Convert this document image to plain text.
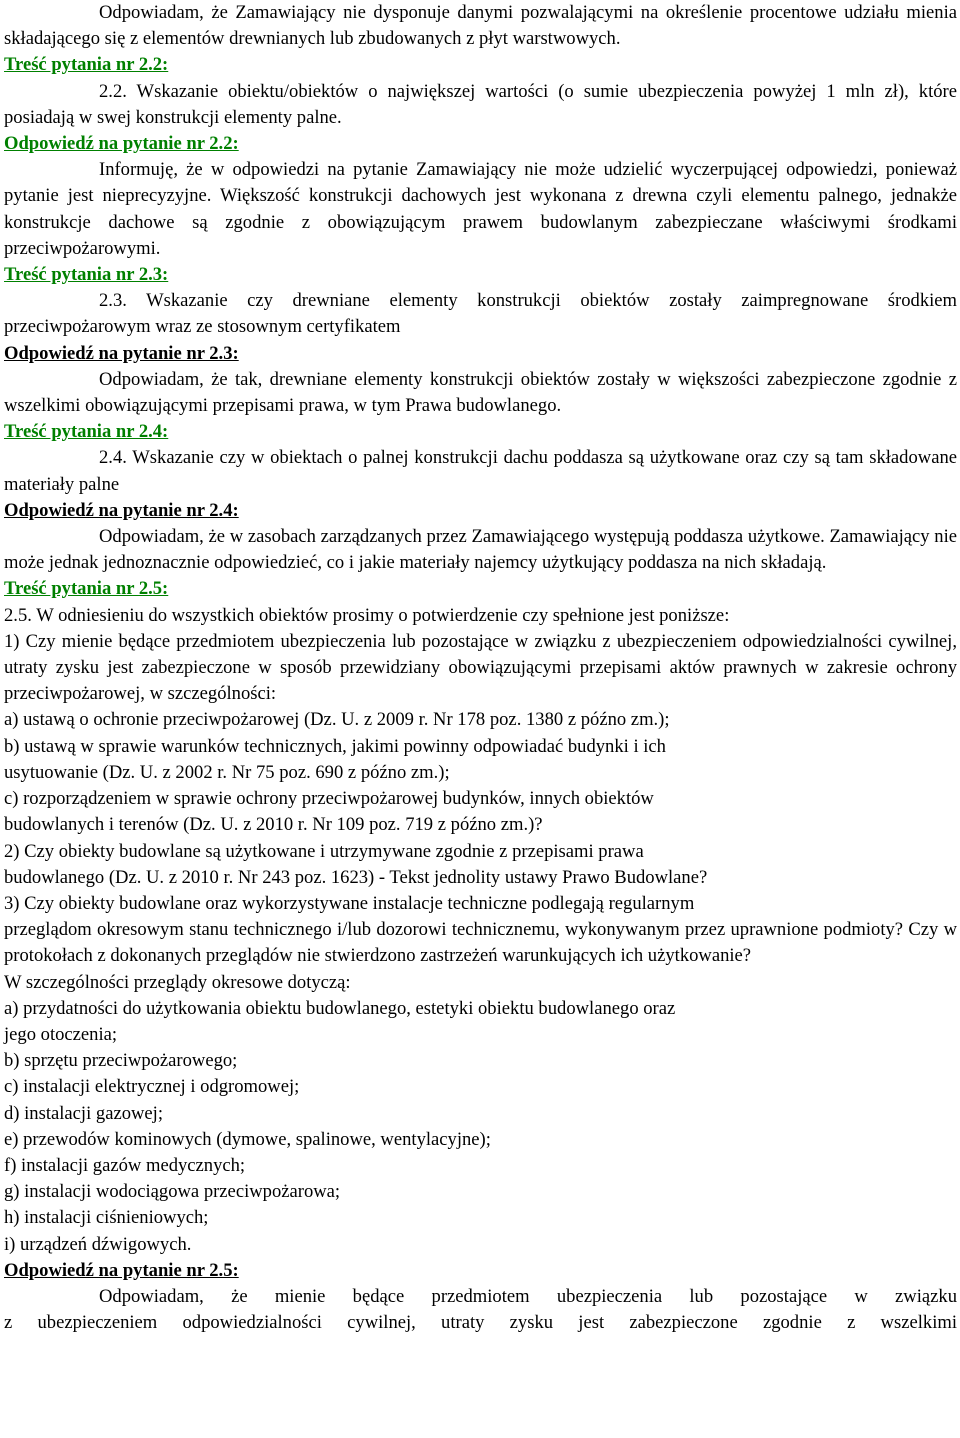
Odpowiadam, że Zamawiający nie dysponuje danymi pozwalającymi na określenie procentowe udziału mienia składającego się z elementów drewnianych lub zbudowanych z płyt warstwowych.

Treść pytania nr 2.2:

2.2. Wskazanie obiektu/obiektów o największej wartości (o sumie ubezpieczenia powyżej 1 mln zł), które posiadają w swej konstrukcji elementy palne.

Odpowiedź na pytanie nr 2.2:

Informuję, że w odpowiedzi na pytanie Zamawiający nie może udzielić wyczerpującej odpowiedzi, ponieważ pytanie jest nieprecyzyjne. Większość konstrukcji dachowych jest wykonana z drewna czyli elementu palnego, jednakże konstrukcje dachowe są zgodnie z obowiązującym prawem budowlanym zabezpieczane właściwymi środkami przeciwpożarowymi.

Treść pytania nr 2.3:

2.3. Wskazanie czy drewniane elementy konstrukcji obiektów zostały zaimpregnowane środkiem przeciwpożarowym wraz ze stosownym certyfikatem

Odpowiedź na pytanie nr 2.3:

Odpowiadam, że tak, drewniane elementy konstrukcji obiektów zostały w większości zabezpieczone zgodnie z wszelkimi obowiązującymi przepisami prawa, w tym Prawa budowlanego.

Treść pytania nr 2.4:

2.4. Wskazanie czy w obiektach o palnej konstrukcji dachu poddasza są użytkowane oraz czy są tam składowane materiały palne

Odpowiedź na pytanie nr 2.4:

Odpowiadam, że w zasobach zarządzanych przez Zamawiającego występują poddasza użytkowe. Zamawiający nie może jednak jednoznacznie odpowiedzieć, co i jakie materiały najemcy użytkujący poddasza na nich składają.

Treść pytania nr 2.5:

2.5. W odniesieniu do wszystkich obiektów prosimy o potwierdzenie czy spełnione jest poniższe:

1) Czy mienie będące przedmiotem ubezpieczenia lub pozostające w związku z ubezpieczeniem odpowiedzialności cywilnej, utraty zysku jest zabezpieczone w sposób przewidziany obowiązującymi przepisami aktów prawnych w zakresie ochrony przeciwpożarowej, w szczególności:

a) ustawą o ochronie przeciwpożarowej (Dz. U. z 2009 r. Nr 178 poz. 1380 z późno zm.);
b) ustawą w sprawie warunków technicznych, jakimi powinny odpowiadać budynki i ich
usytuowanie (Dz. U. z 2002 r. Nr 75 poz. 690 z późno zm.);
c) rozporządzeniem w sprawie ochrony przeciwpożarowej budynków, innych obiektów
budowlanych i terenów (Dz. U. z 2010 r. Nr 109 poz. 719 z późno zm.)?
2) Czy obiekty budowlane są użytkowane i utrzymywane zgodnie z przepisami prawa
budowlanego (Dz. U. z 2010 r. Nr 243 poz. 1623) - Tekst jednolity ustawy Prawo Budowlane?
3) Czy obiekty budowlane oraz wykorzystywane instalacje techniczne podlegają regularnym

przeglądom okresowym stanu technicznego i/lub dozorowi technicznemu, wykonywanym przez uprawnione podmioty? Czy w protokołach z dokonanych przeglądów nie stwierdzono zastrzeżeń warunkujących ich użytkowanie?

W szczególności przeglądy okresowe dotyczą:
a) przydatności do użytkowania obiektu budowlanego, estetyki obiektu budowlanego oraz
jego otoczenia;
b) sprzętu przeciwpożarowego;
c) instalacji elektrycznej i odgromowej;
d) instalacji gazowej;
e) przewodów kominowych (dymowe, spalinowe, wentylacyjne);
f) instalacji gazów medycznych;
g) instalacji wodociągowa przeciwpożarowa;
h) instalacji ciśnieniowych;
i) urządzeń dźwigowych.

Odpowiedź na pytanie nr 2.5:

Odpowiadam, że mienie będące przedmiotem ubezpieczenia lub pozostające w związku

z ubezpieczeniem odpowiedzialności cywilnej, utraty zysku jest zabezpieczone zgodnie z wszelkimi
